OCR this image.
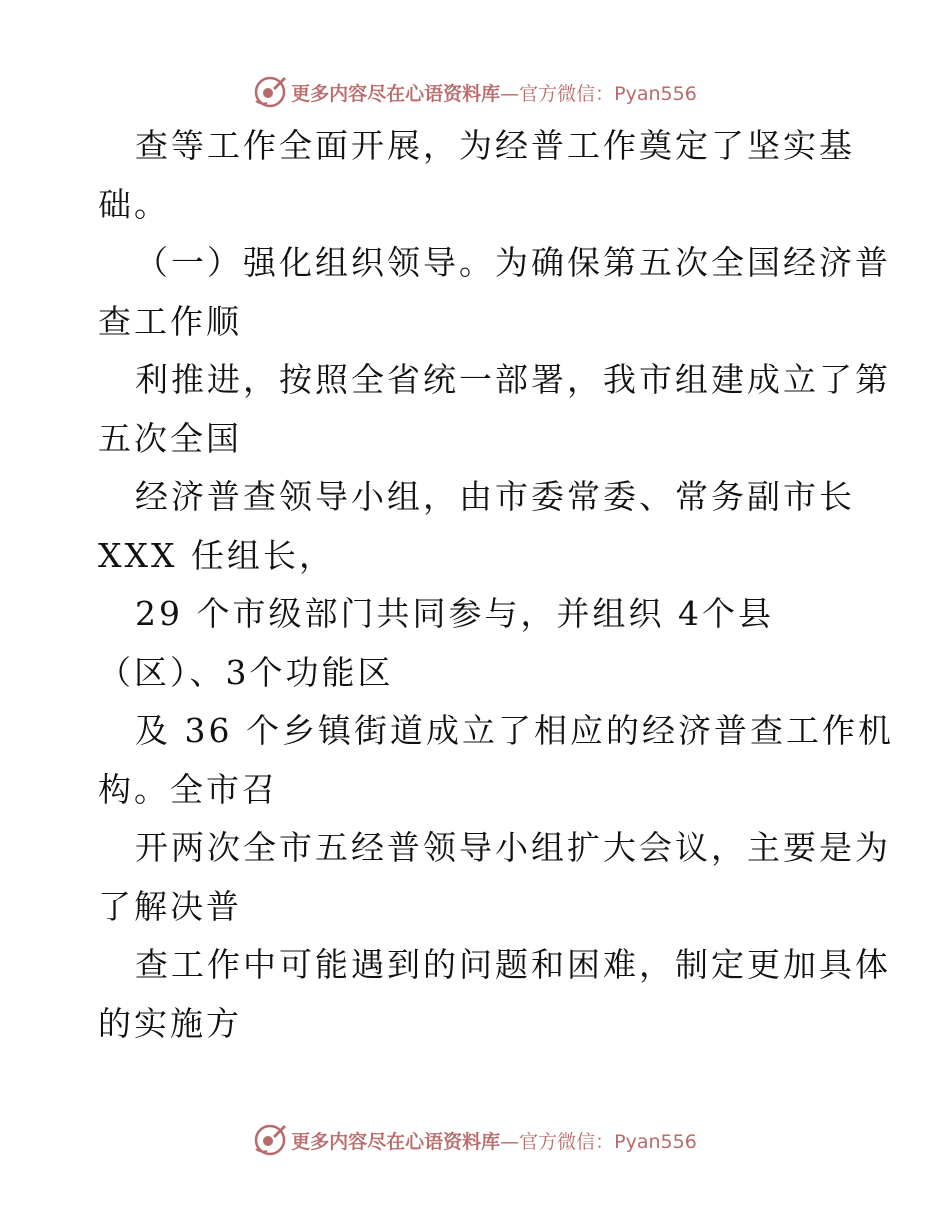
更多内容尽在心语资料库—官方微信：Pyan556
查等工作全面开展，为经普工作奠定了坚实基
础。
（一）强化组织领导。为确保第五次全国经济普
查工作顺
利推进，按照全省统一部署，我市组建成立了第
五次全国
经济普查领导小组，由市委常委、常务副市长
XXX 任组长，
29 个市级部门共同参与，并组织 4个县
（区）、3个功能区
及 36 个乡镇街道成立了相应的经济普查工作机
构。全市召
开两次全市五经普领导小组扩大会议，主要是为
了解决普
查工作中可能遇到的问题和困难，制定更加具体
的实施方
更多内容尽在心语资料库—官方微信：Pyan556
